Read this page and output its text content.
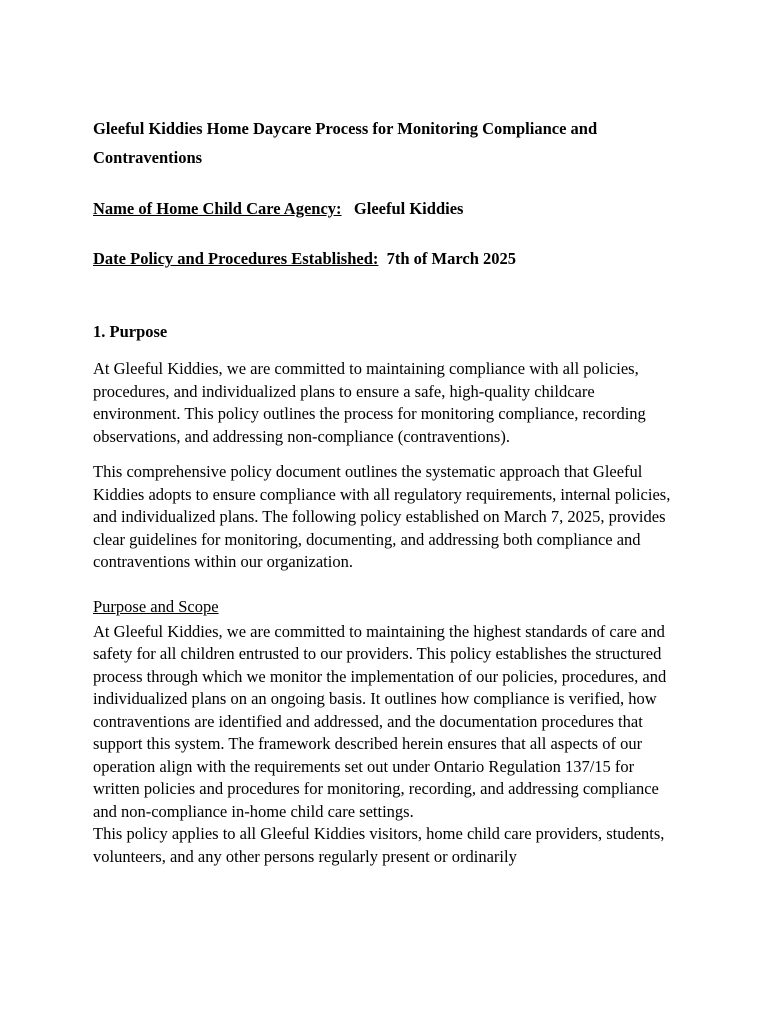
Gleeful Kiddies Home Daycare Process for Monitoring Compliance and Contraventions

Name of Home Child Care Agency: Gleeful Kiddies

Date Policy and Procedures Established: 7th of March 2025

1. Purpose

At Gleeful Kiddies, we are committed to maintaining compliance with all policies, procedures, and individualized plans to ensure a safe, high-quality childcare environment. This policy outlines the process for monitoring compliance, recording observations, and addressing non-compliance (contraventions).

This comprehensive policy document outlines the systematic approach that Gleeful Kiddies adopts to ensure compliance with all regulatory requirements, internal policies, and individualized plans. The following policy established on March 7, 2025, provides clear guidelines for monitoring, documenting, and addressing both compliance and contraventions within our organization.

Purpose and Scope

At Gleeful Kiddies, we are committed to maintaining the highest standards of care and safety for all children entrusted to our providers. This policy establishes the structured process through which we monitor the implementation of our policies, procedures, and individualized plans on an ongoing basis. It outlines how compliance is verified, how contraventions are identified and addressed, and the documentation procedures that support this system. The framework described herein ensures that all aspects of our operation align with the requirements set out under Ontario Regulation 137/15 for written policies and procedures for monitoring, recording, and addressing compliance and non-compliance in-home child care settings.

This policy applies to all Gleeful Kiddies visitors, home child care providers, students, volunteers, and any other persons regularly present or ordinarily
